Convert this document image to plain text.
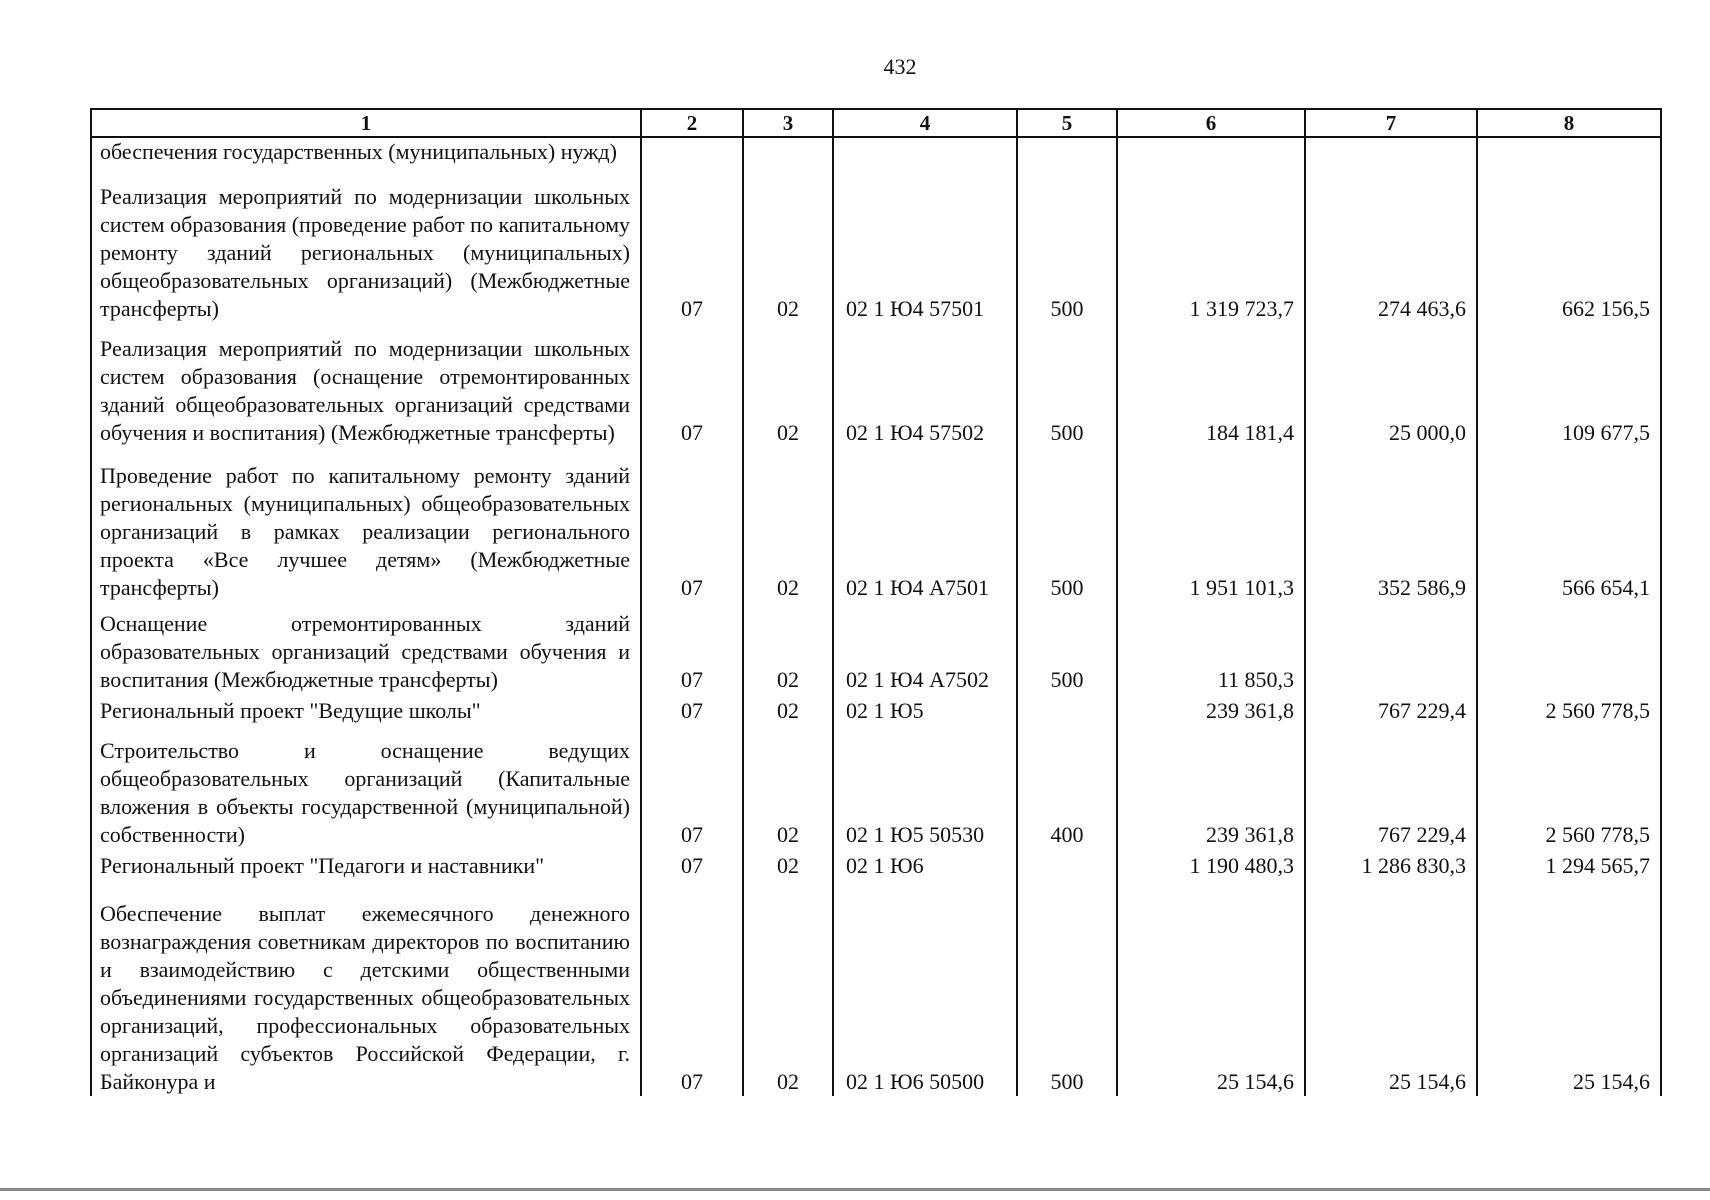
432
1	2	3	4	5	6	7	8
обеспечения государственных (муниципальных) нужд)							
Реализация мероприятий по модернизации школьных систем образования (проведение работ по капитальному ремонту зданий региональных (муниципальных) общеобразовательных организаций) (Межбюджетные трансферты)	07	02	02 1 Ю4 57501	500	1 319 723,7	274 463,6	662 156,5
Реализация мероприятий по модернизации школьных систем образования (оснащение отремонтированных зданий общеобразовательных организаций средствами обучения и воспитания) (Межбюджетные трансферты)	07	02	02 1 Ю4 57502	500	184 181,4	25 000,0	109 677,5
Проведение работ по капитальному ремонту зданий региональных (муниципальных) общеобразовательных организаций в рамках реализации регионального проекта «Все лучшее детям» (Межбюджетные трансферты)	07	02	02 1 Ю4 А7501	500	1 951 101,3	352 586,9	566 654,1
Оснащение отремонтированных зданий образовательных организаций средствами обучения и воспитания (Межбюджетные трансферты)	07	02	02 1 Ю4 А7502	500	11 850,3		
Региональный проект "Ведущие школы"	07	02	02 1 Ю5		239 361,8	767 229,4	2 560 778,5
Строительство и оснащение ведущих общеобразовательных организаций (Капитальные вложения в объекты государственной (муниципальной) собственности)	07	02	02 1 Ю5 50530	400	239 361,8	767 229,4	2 560 778,5
Региональный проект "Педагоги и наставники"	07	02	02 1 Ю6		1 190 480,3	1 286 830,3	1 294 565,7
Обеспечение выплат ежемесячного денежного вознаграждения советникам директоров по воспитанию и взаимодействию с детскими общественными объединениями государственных общеобразовательных организаций, профессиональных образовательных организаций субъектов Российской Федерации, г. Байконура и	07	02	02 1 Ю6 50500	500	25 154,6	25 154,6	25 154,6
